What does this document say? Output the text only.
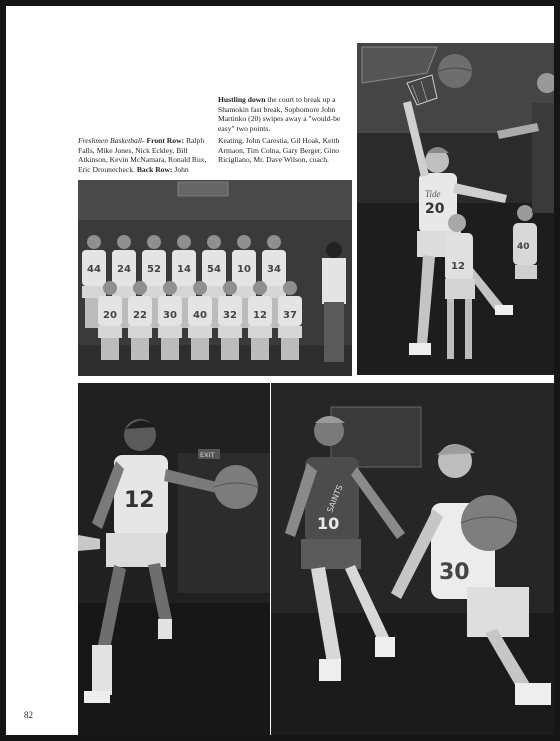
Tide
20
12
40
Hustling down the court to break up a Shamokin fast break, Sophomore John Martinko (20) swipes away a "would-be easy" two points.
Freshmen Basketball- Front Row: Ralph Falls, Mike Jones, Nick Eckley, Bill Atkinson, Kevin McNamara, Ronald Rux, Eric Drounecheck. Back Row: John
Keating, John Carestia, Gil Hoak, Keith Armaon, Tim Colna, Gary Berger, Gino Ricigliano, Mr. Dave Wilson, coach.
44 24 52 14 54 10 34
20 22 30 40 32 12 37
EXIT
12	SAINTS
10
30
82
